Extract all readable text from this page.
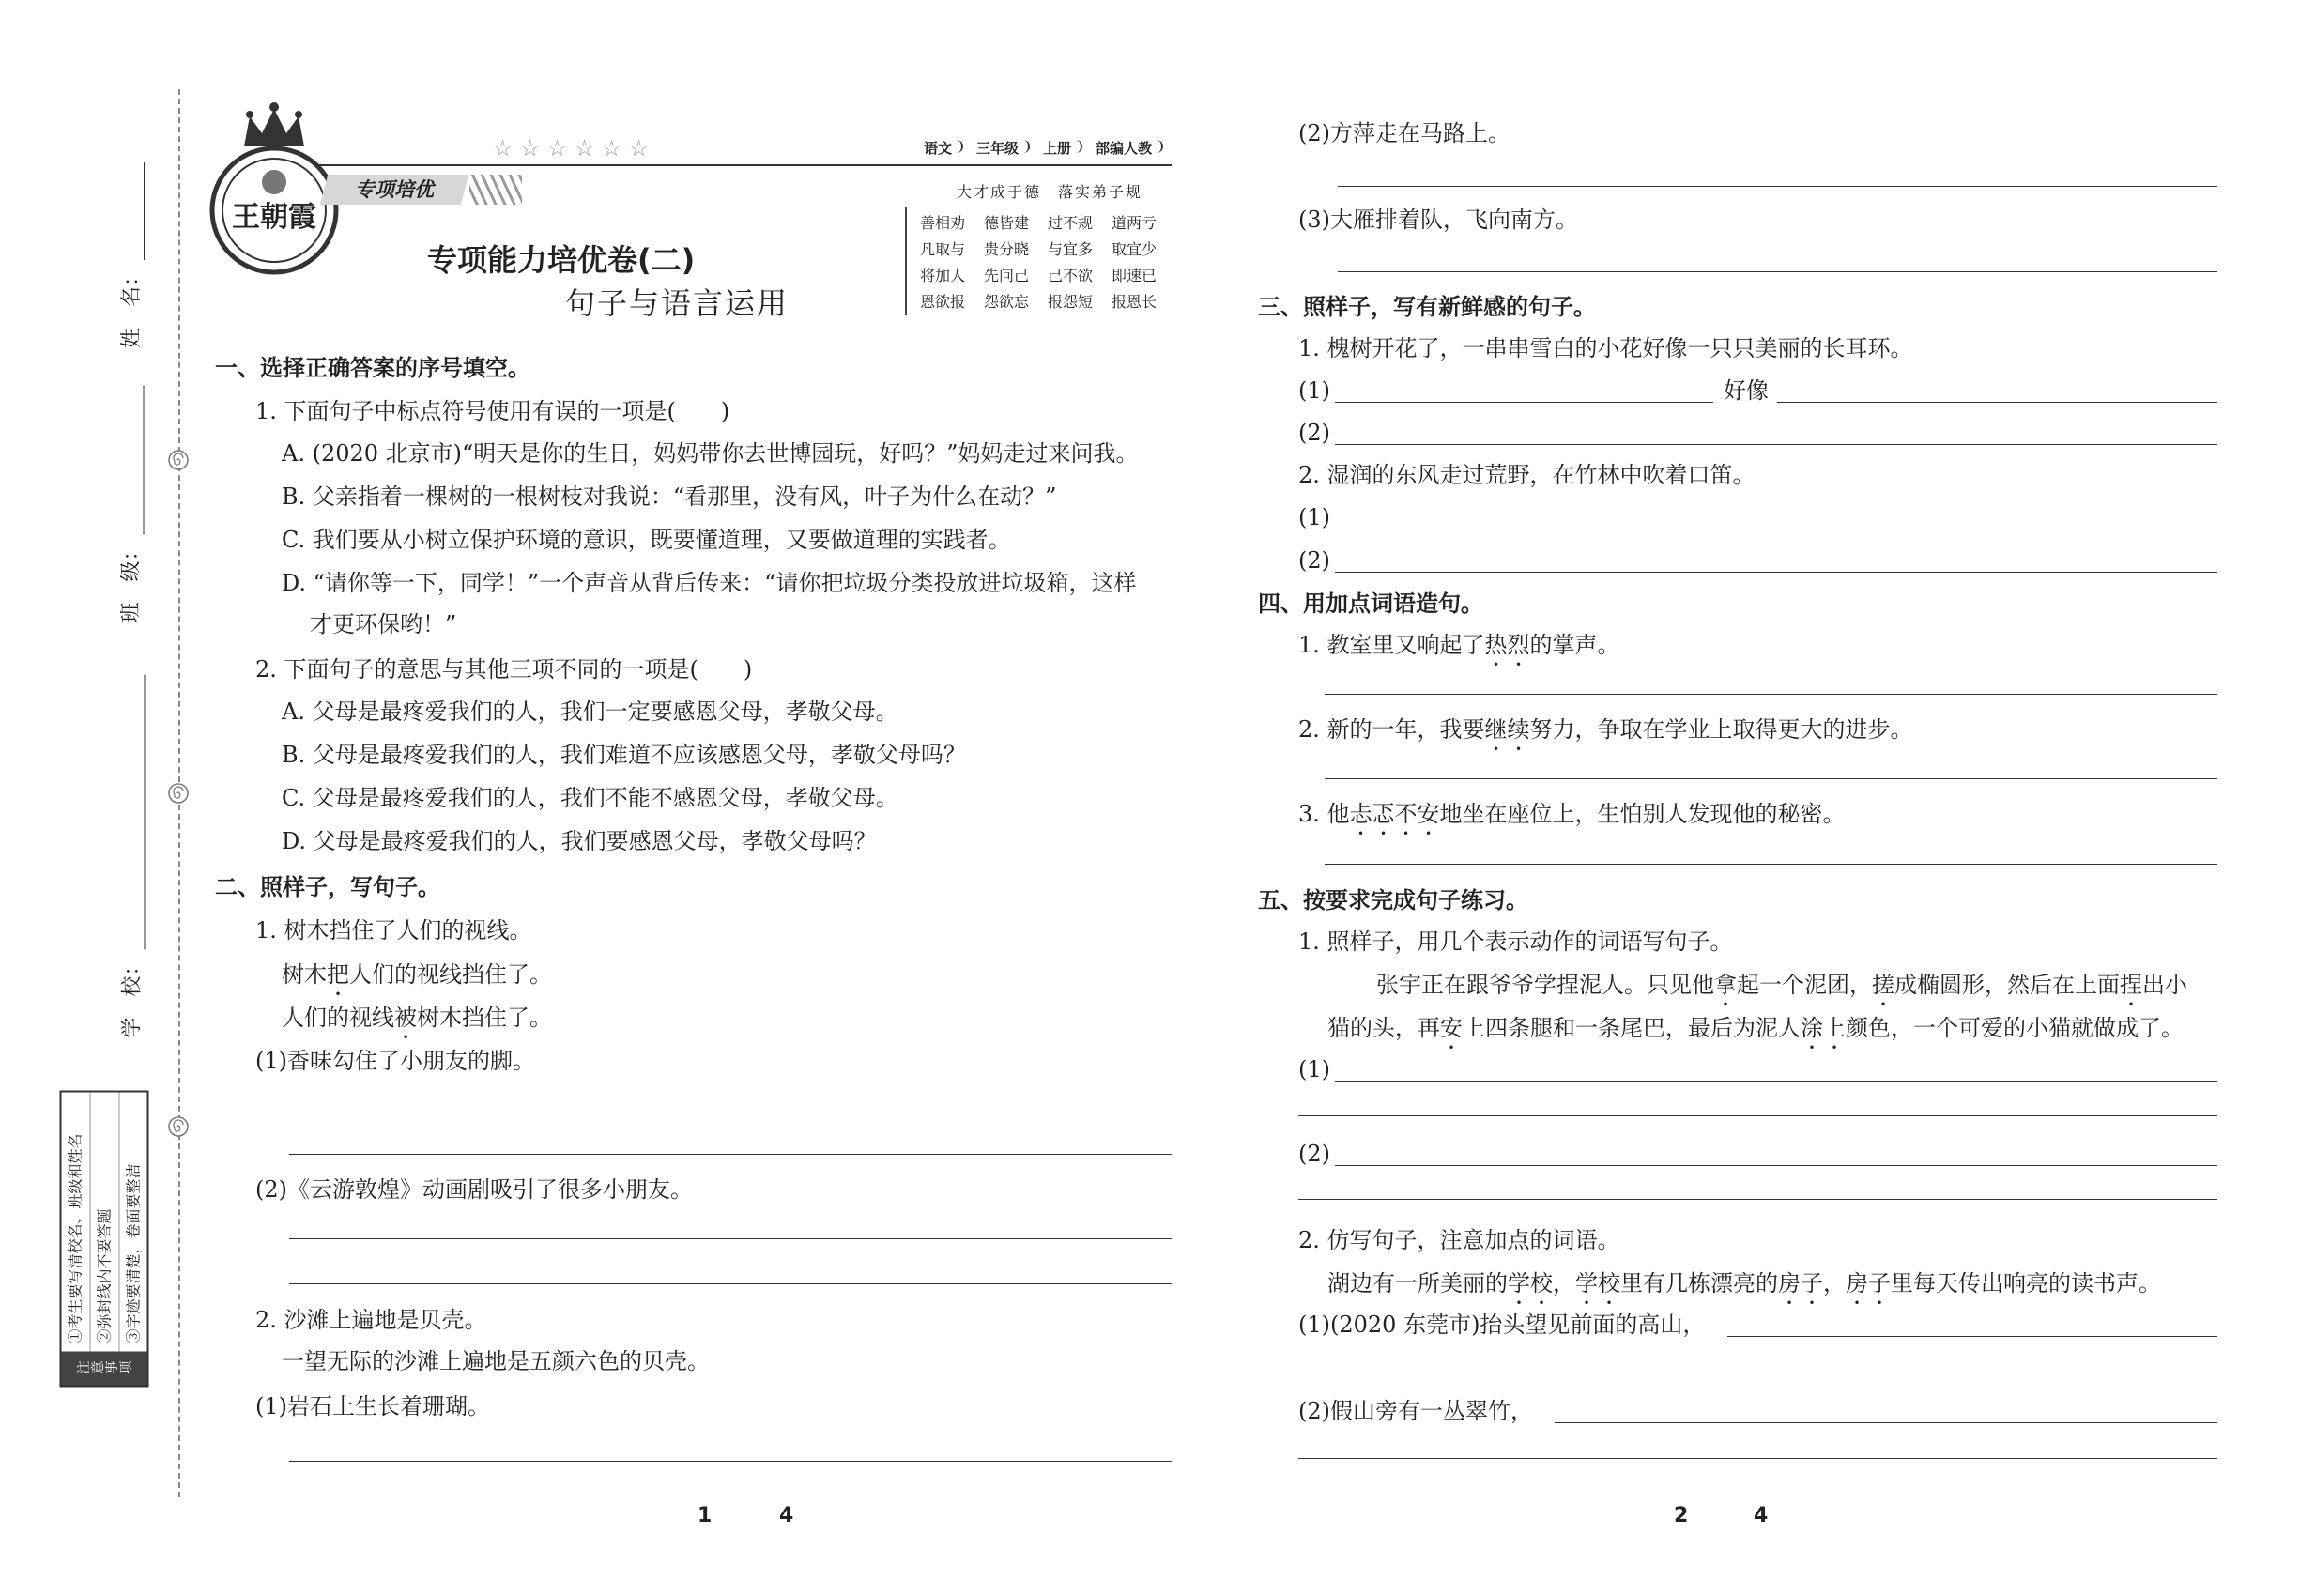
姓　名：
班　级：
学　校：
注意事项
①考生要写清校名、班级和姓名 ②弥封线内不要答题 ③字迹要清楚，卷面要整洁
王朝霞
☆
☆
☆
☆
☆
☆
语文	三年级	上册	部编人教
专项培优
专项能力培优卷(二)
句子与语言运用
大才成于德　落实弟子规
善相劝	德皆建	过不规	道两亏
凡取与	贵分晓	与宜多	取宜少
将加人	先问己	己不欲	即速已
恩欲报	怨欲忘	报怨短	报恩长
一、选择正确答案的序号填空。
1. 下面句子中标点符号使用有误的一项是(　　)
A. (2020 北京市)“明天是你的生日，妈妈带你去世博园玩，好吗？”妈妈走过来问我。
B. 父亲指着一棵树的一根树枝对我说：“看那里，没有风，叶子为什么在动？”
C. 我们要从小树立保护环境的意识，既要懂道理，又要做道理的实践者。
D. “请你等一下，同学！”一个声音从背后传来：“请你把垃圾分类投放进垃圾箱，这样
才更环保哟！”
2. 下面句子的意思与其他三项不同的一项是(　　)
A. 父母是最疼爱我们的人，我们一定要感恩父母，孝敬父母。
B. 父母是最疼爱我们的人，我们难道不应该感恩父母，孝敬父母吗？
C. 父母是最疼爱我们的人，我们不能不感恩父母，孝敬父母。
D. 父母是最疼爱我们的人，我们要感恩父母，孝敬父母吗？
二、照样子，写句子。
1. 树木挡住了人们的视线。
树木把人们的视线挡住了。
人们的视线被树木挡住了。
(1)香味勾住了小朋友的脚。
(2)《云游敦煌》动画剧吸引了很多小朋友。
2. 沙滩上遍地是贝壳。
一望无际的沙滩上遍地是五颜六色的贝壳。
(1)岩石上生长着珊瑚。
(2)方萍走在马路上。
(3)大雁排着队，飞向南方。
三、照样子，写有新鲜感的句子。
1. 槐树开花了，一串串雪白的小花好像一只只美丽的长耳环。
(1)	好像
(2)
2. 湿润的东风走过荒野，在竹林中吹着口笛。
(1)
(2)
四、用加点词语造句。
1. 教室里又响起了热烈的掌声。
2. 新的一年，我要继续努力，争取在学业上取得更大的进步。
3. 他忐忑不安地坐在座位上，生怕别人发现他的秘密。
五、按要求完成句子练习。
1. 照样子，用几个表示动作的词语写句子。
张宇正在跟爷爷学捏泥人。只见他拿起一个泥团，搓成椭圆形，然后在上面捏出小
猫的头，再安上四条腿和一条尾巴，最后为泥人涂上颜色，一个可爱的小猫就做成了。
(1)
(2)
2. 仿写句子，注意加点的词语。
湖边有一所美丽的学校，学校里有几栋漂亮的房子，房子里每天传出响亮的读书声。
(1)(2020 东莞市)抬头望见前面的高山，
(2)假山旁有一丛翠竹，
1	4	2	4
